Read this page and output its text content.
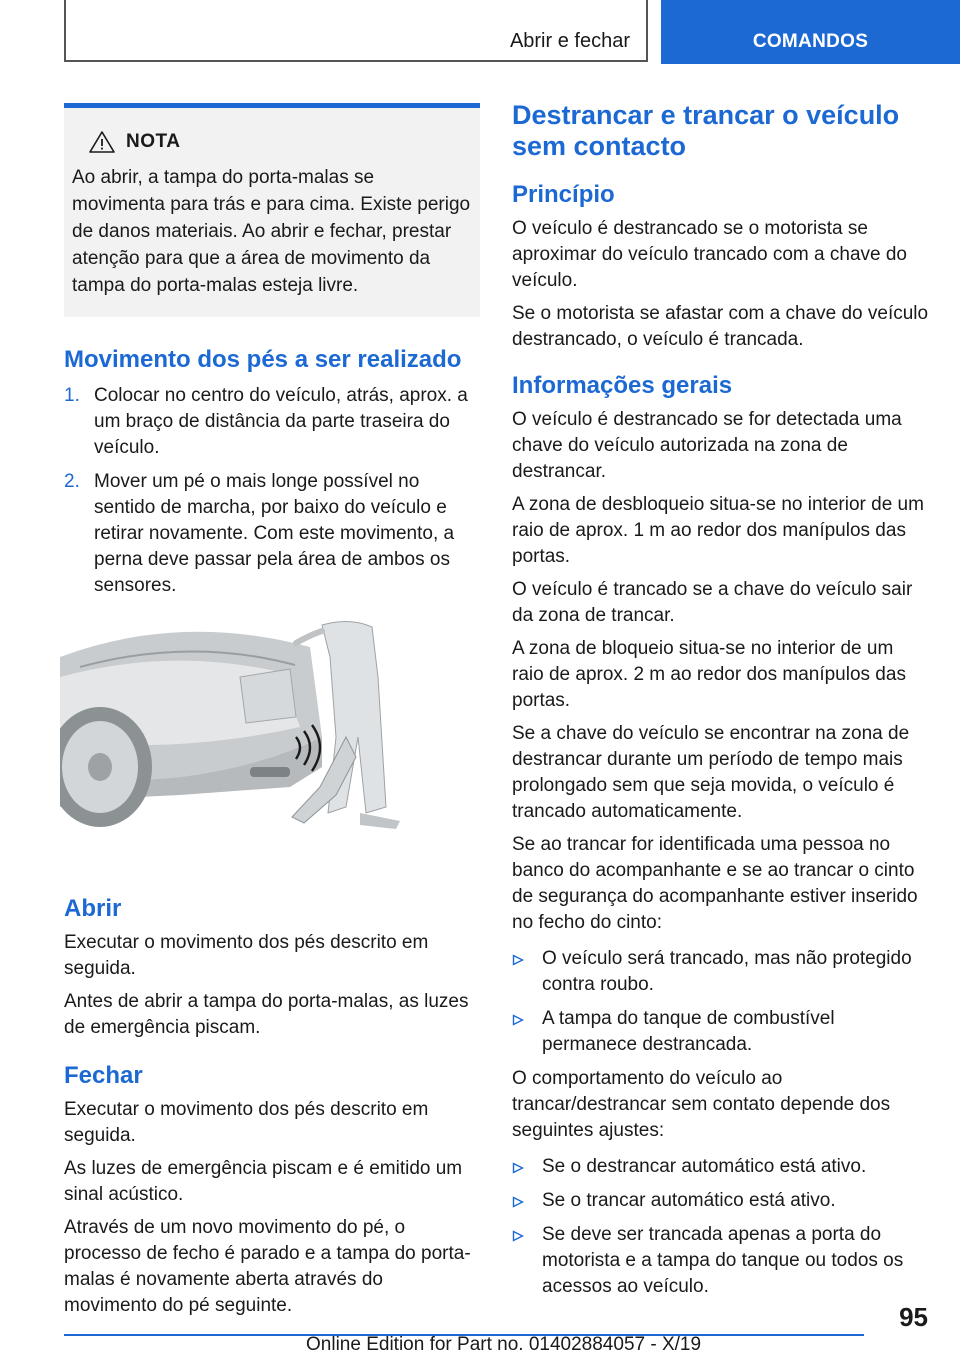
Abrir e fechar	COMANDOS
NOTA
Ao abrir, a tampa do porta-malas se movimenta para trás e para cima. Existe perigo de danos materiais. Ao abrir e fechar, prestar atenção para que a área de movimento da tampa do porta-malas esteja livre.
Movimento dos pés a ser realizado
1. Colocar no centro do veículo, atrás, aprox. a um braço de distância da parte traseira do veículo.
2. Mover um pé o mais longe possível no sentido de marcha, por baixo do veículo e retirar novamente. Com este movimento, a perna deve passar pela área de ambos os sensores.
Abrir

Executar o movimento dos pés descrito em seguida.

Antes de abrir a tampa do porta-malas, as luzes de emergência piscam.

Fechar

Executar o movimento dos pés descrito em seguida.

As luzes de emergência piscam e é emitido um sinal acústico.

Através de um novo movimento do pé, o processo de fecho é parado e a tampa do porta-malas é novamente aberta através do movimento do pé seguinte.

Destrancar e trancar o veículo sem contacto
Princípio

O veículo é destrancado se o motorista se aproximar do veículo trancado com a chave do veículo.

Se o motorista se afastar com a chave do veículo destrancado, o veículo é trancada.

Informações gerais

O veículo é destrancado se for detectada uma chave do veículo autorizada na zona de destrancar.

A zona de desbloqueio situa-se no interior de um raio de aprox. 1 m ao redor dos manípulos das portas.

O veículo é trancado se a chave do veículo sair da zona de trancar.

A zona de bloqueio situa-se no interior de um raio de aprox. 2 m ao redor dos manípulos das portas.

Se a chave do veículo se encontrar na zona de destrancar durante um período de tempo mais prolongado sem que seja movida, o veículo é trancado automaticamente.

Se ao trancar for identificada uma pessoa no banco do acompanhante e se ao trancar o cinto de segurança do acompanhante estiver inserido no fecho do cinto:

O veículo será trancado, mas não protegido contra roubo.
A tampa do tanque de combustível permanece destrancada.

O comportamento do veículo ao trancar/destrancar sem contato depende dos seguintes ajustes:

Se o destrancar automático está ativo.
Se o trancar automático está ativo.
Se deve ser trancada apenas a porta do motorista e a tampa do tanque ou todos os acessos ao veículo.
95
Online Edition for Part no. 01402884057 - X/19
